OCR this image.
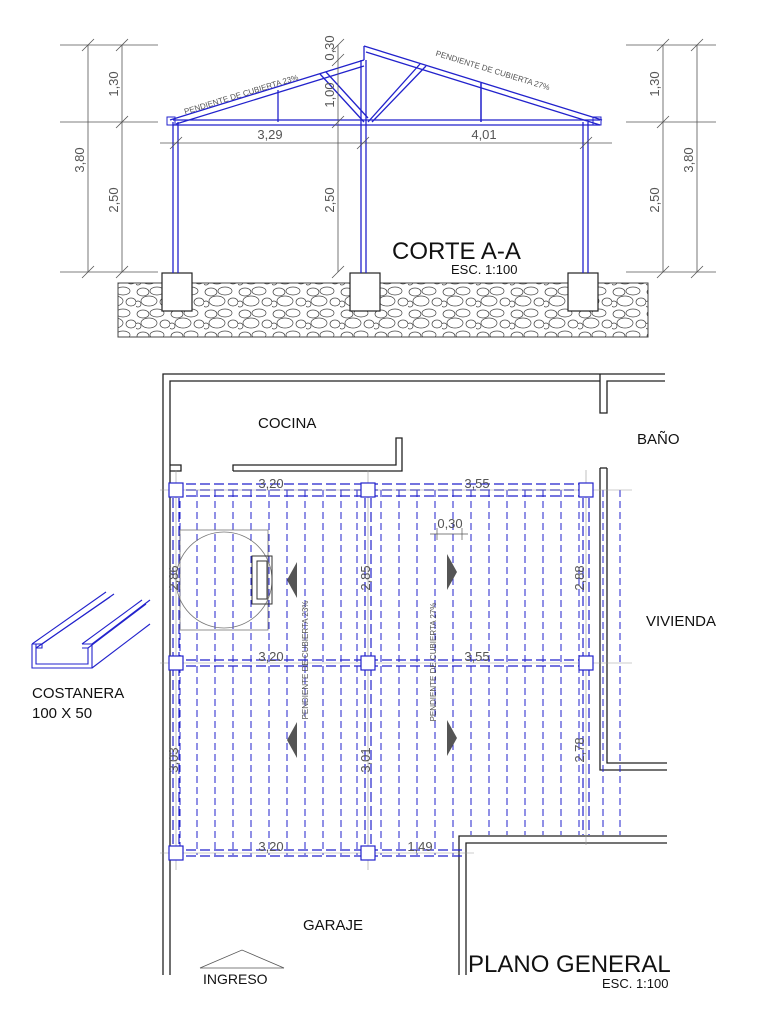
3,80
1,30
2,50
3,80
1,30
2,50
2,50
0,30
1,00
3,29	4,01
PENDIENTE DE CUBIERTA 23%
PENDIENTE DE CUBIERTA 27%
CORTE A-A
ESC. 1:100
COCINA
BAÑO
VIVIENDA
GARAJE
INGRESO
3,20	3,55
3,20	3,55
3,20	1,49
2,86	2,85	2,88
3,03	3,01	2,78
0,30
PENDIENTE DE CUBIERTA 23%	PENDIENTE DE CUBIERTA 27%
PLANO GENERAL
ESC. 1:100
COSTANERA
100 X 50
